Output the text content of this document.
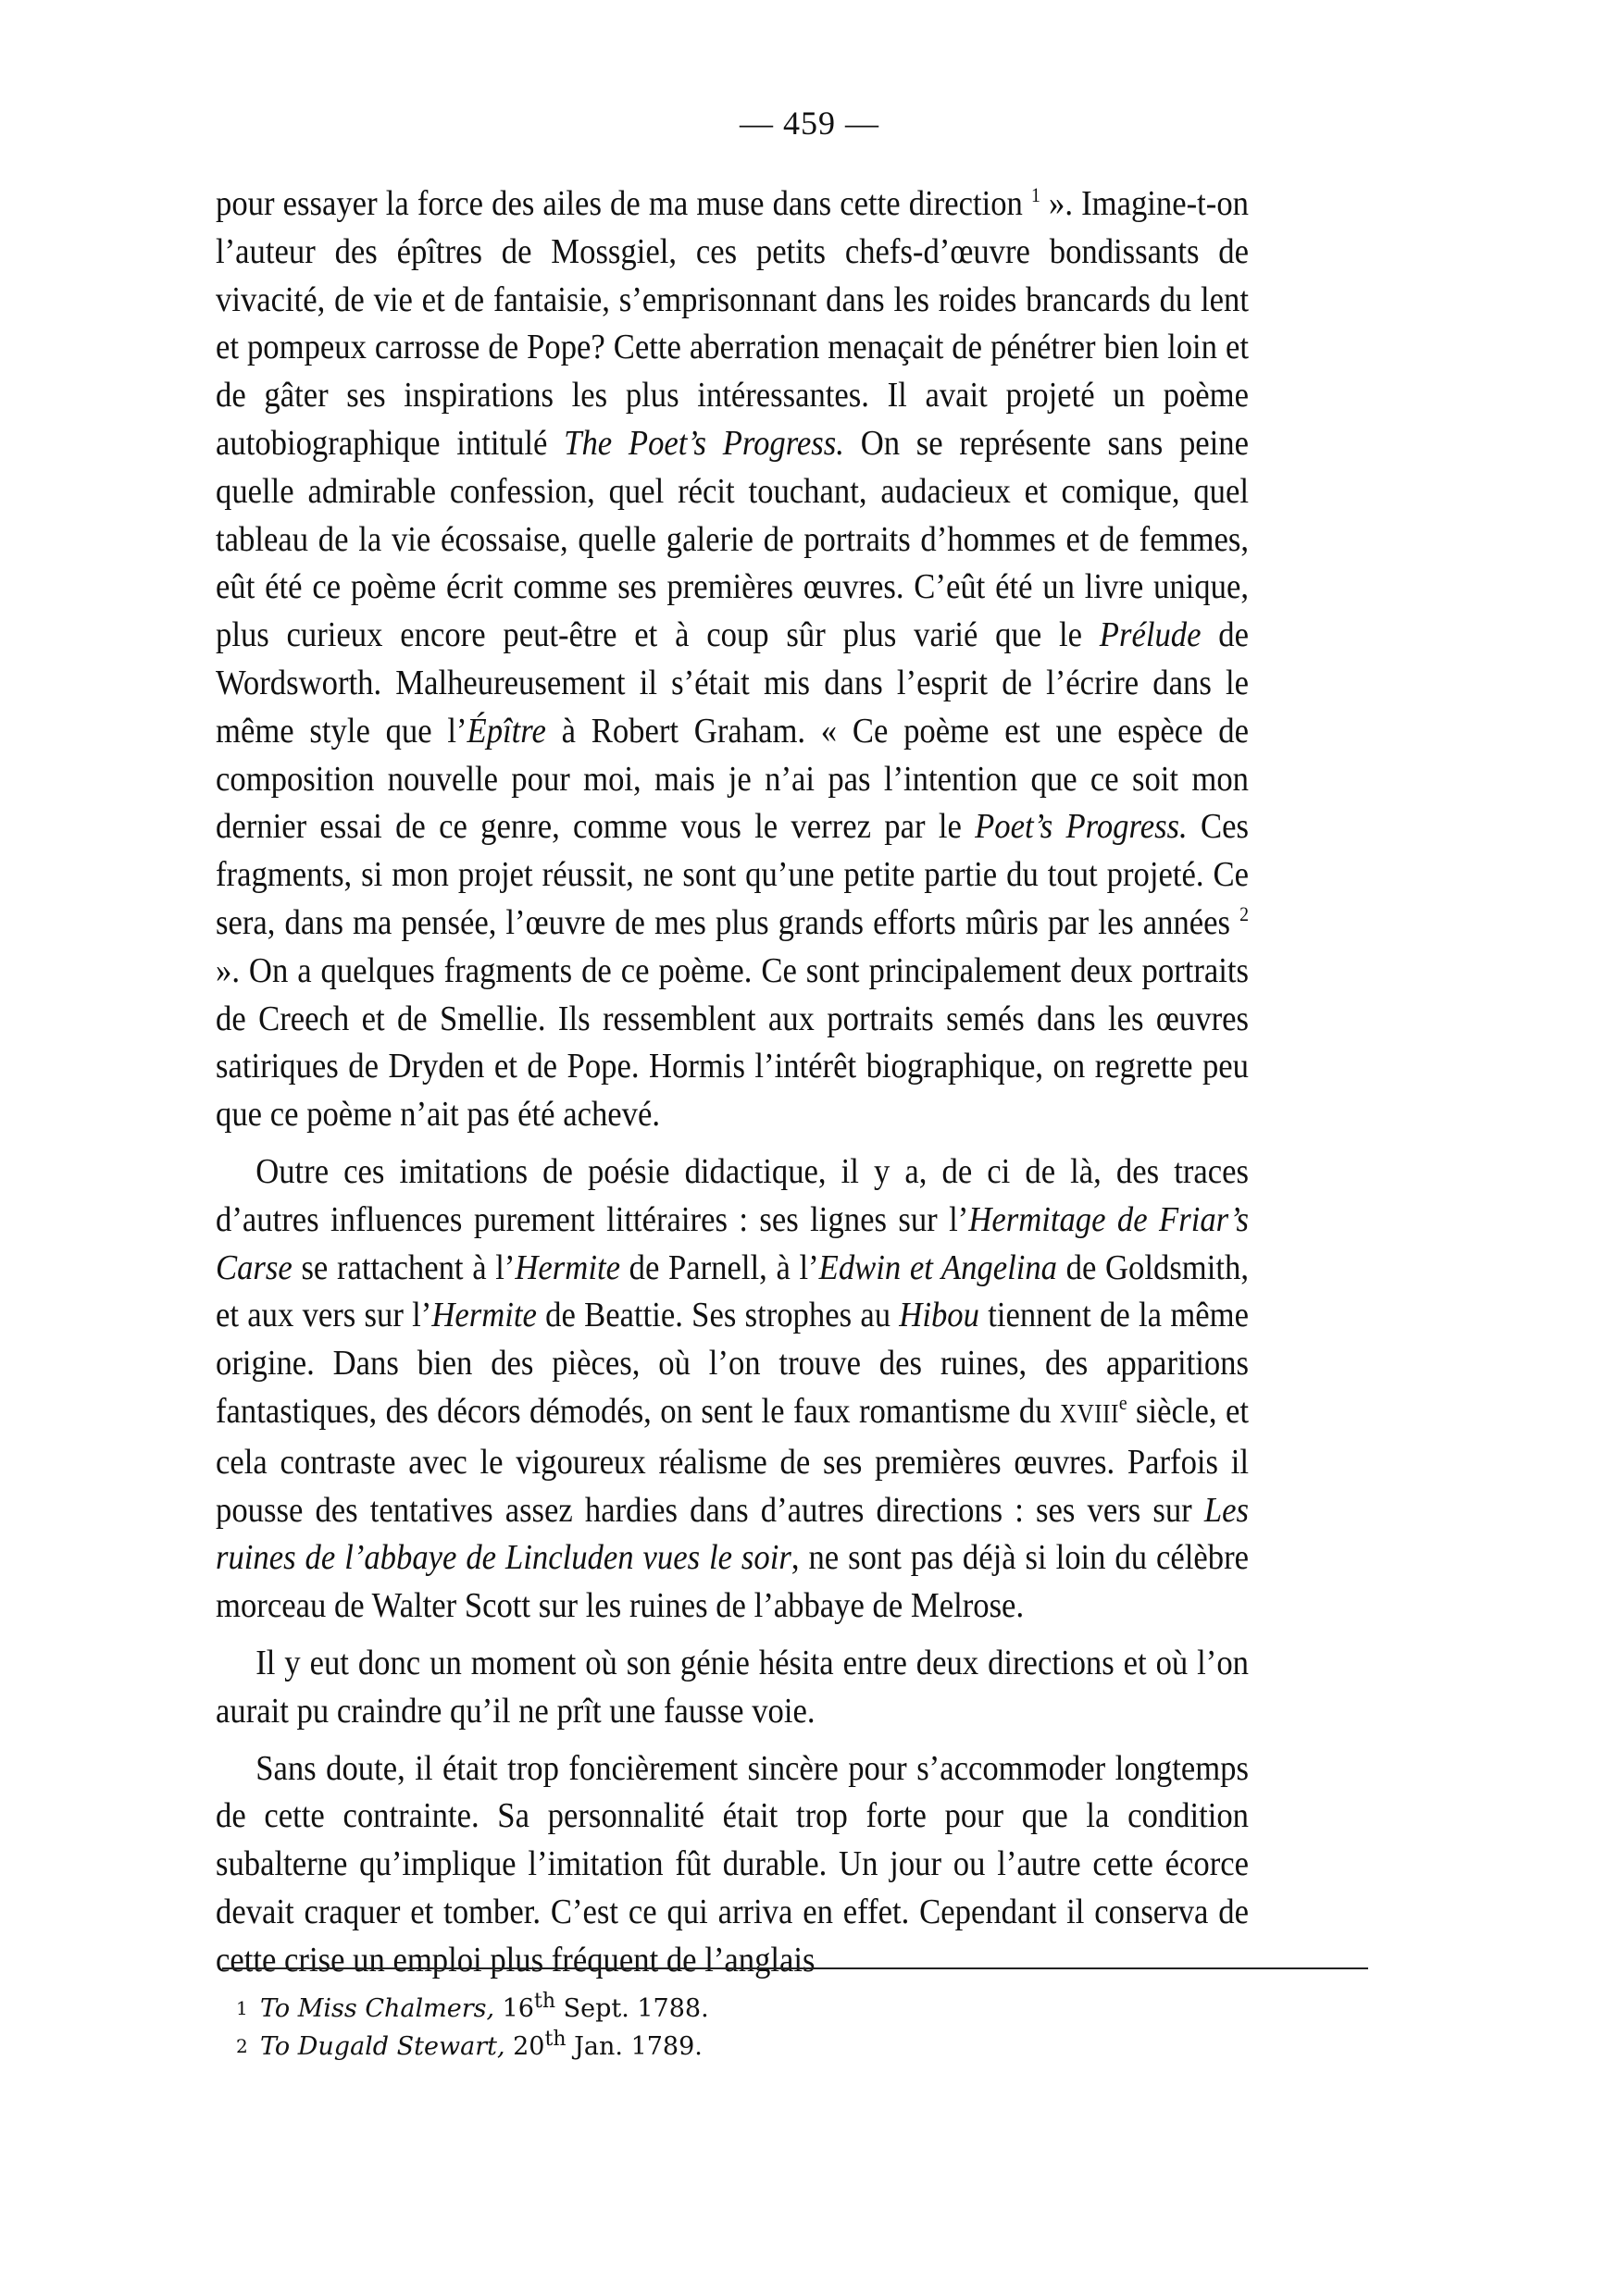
— 459 —

pour essayer la force des ailes de ma muse dans cette direction $^1$ ». Imagine-t-on l’auteur des épîtres de Mossgiel, ces petits chefs-d’œuvre bondissants de vivacité, de vie et de fantaisie, s’emprisonnant dans les roides brancards du lent et pompeux carrosse de Pope? Cette aberration menaçait de pénétrer bien loin et de gâter ses inspirations les plus intéressantes. Il avait projeté un poème autobiographique intitulé The Poet’s Progress. On se représente sans peine quelle admirable confession, quel récit touchant, audacieux et comique, quel tableau de la vie écossaise, quelle galerie de portraits d’hommes et de femmes, eût été ce poème écrit comme ses premières œuvres. C’eût été un livre unique, plus curieux encore peut-être et à coup sûr plus varié que le Prélude de Wordsworth. Malheureusement il s’était mis dans l’esprit de l’écrire dans le même style que l’Épître à Robert Graham. « Ce poème est une espèce de composition nouvelle pour moi, mais je n’ai pas l’intention que ce soit mon dernier essai de ce genre, comme vous le verrez par le Poet’s Progress. Ces fragments, si mon projet réussit, ne sont qu’une petite partie du tout projeté. Ce sera, dans ma pensée, l’œuvre de mes plus grands efforts mûris par les années $^2$ ». On a quelques fragments de ce poème. Ce sont principalement deux portraits de Creech et de Smellie. Ils ressemblent aux portraits semés dans les œuvres satiriques de Dryden et de Pope. Hormis l’intérêt biographique, on regrette peu que ce poème n’ait pas été achevé.

Outre ces imitations de poésie didactique, il y a, de ci de là, des traces d’autres influences purement littéraires : ses lignes sur l’Hermitage de Friar’s Carse se rattachent à l’Hermite de Parnell, à l’Edwin et Angelina de Goldsmith, et aux vers sur l’Hermite de Beattie. Ses strophes au Hibou tiennent de la même origine. Dans bien des pièces, où l’on trouve des ruines, des apparitions fantastiques, des décors démodés, on sent le faux romantisme du XVIIIe siècle, et cela contraste avec le vigoureux réalisme de ses premières œuvres. Parfois il pousse des tentatives assez hardies dans d’autres directions : ses vers sur Les ruines de l’abbaye de Lincluden vues le soir, ne sont pas déjà si loin du célèbre morceau de Walter Scott sur les ruines de l’abbaye de Melrose.

Il y eut donc un moment où son génie hésita entre deux directions et où l’on aurait pu craindre qu’il ne prît une fausse voie.

Sans doute, il était trop foncièrement sincère pour s’accommoder longtemps de cette contrainte. Sa personnalité était trop forte pour que la condition subalterne qu’implique l’imitation fût durable. Un jour ou l’autre cette écorce devait craquer et tomber. C’est ce qui arriva en effet. Cependant il conserva de cette crise un emploi plus fréquent de l’anglais

1 To Miss Chalmers, 16th Sept. 1788.

2 To Dugald Stewart, 20th Jan. 1789.
